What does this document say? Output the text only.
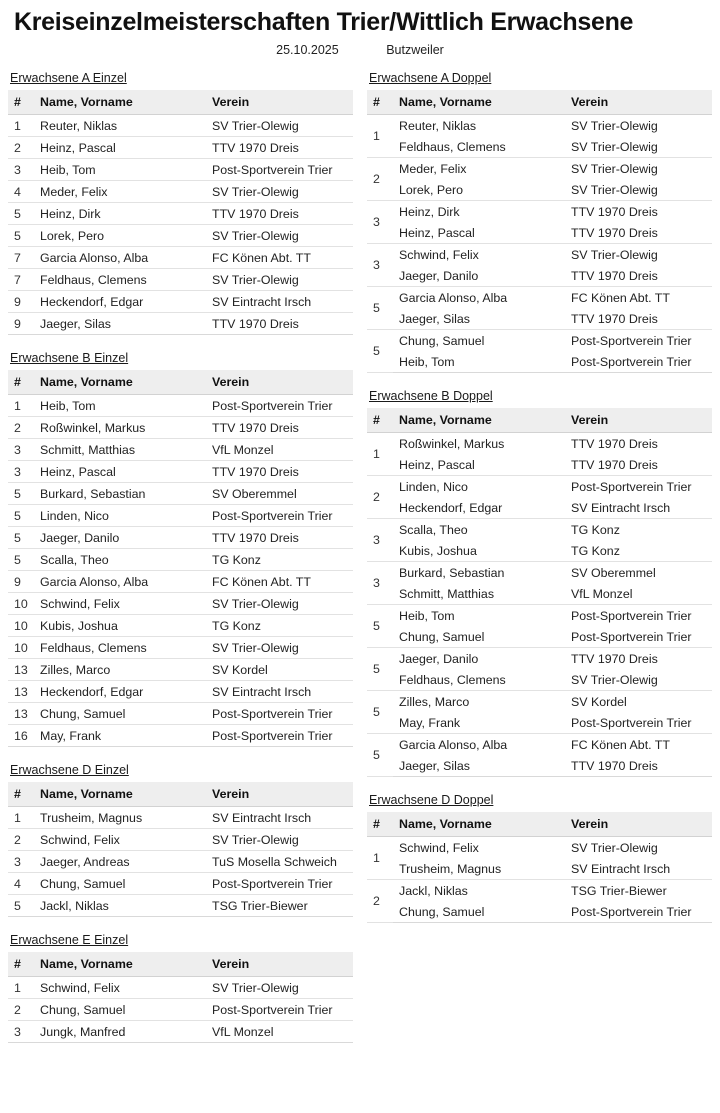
Kreiseinzelmeisterschaften Trier/Wittlich Erwachsene
25.10.2025	Butzweiler
Erwachsene A Einzel
#	Name, Vorname	Verein
1	Reuter, Niklas	SV Trier-Olewig
2	Heinz, Pascal	TTV 1970 Dreis
3	Heib, Tom	Post-Sportverein Trier
4	Meder, Felix	SV Trier-Olewig
5	Heinz, Dirk	TTV 1970 Dreis
5	Lorek, Pero	SV Trier-Olewig
7	Garcia Alonso, Alba	FC Könen Abt. TT
7	Feldhaus, Clemens	SV Trier-Olewig
9	Heckendorf, Edgar	SV Eintracht Irsch
9	Jaeger, Silas	TTV 1970 Dreis
Erwachsene B Einzel
#	Name, Vorname	Verein
1	Heib, Tom	Post-Sportverein Trier
2	Roßwinkel, Markus	TTV 1970 Dreis
3	Schmitt, Matthias	VfL Monzel
3	Heinz, Pascal	TTV 1970 Dreis
5	Burkard, Sebastian	SV Oberemmel
5	Linden, Nico	Post-Sportverein Trier
5	Jaeger, Danilo	TTV 1970 Dreis
5	Scalla, Theo	TG Konz
9	Garcia Alonso, Alba	FC Könen Abt. TT
10	Schwind, Felix	SV Trier-Olewig
10	Kubis, Joshua	TG Konz
10	Feldhaus, Clemens	SV Trier-Olewig
13	Zilles, Marco	SV Kordel
13	Heckendorf, Edgar	SV Eintracht Irsch
13	Chung, Samuel	Post-Sportverein Trier
16	May, Frank	Post-Sportverein Trier
Erwachsene D Einzel
#	Name, Vorname	Verein
1	Trusheim, Magnus	SV Eintracht Irsch
2	Schwind, Felix	SV Trier-Olewig
3	Jaeger, Andreas	TuS Mosella Schweich
4	Chung, Samuel	Post-Sportverein Trier
5	Jackl, Niklas	TSG Trier-Biewer
Erwachsene E Einzel
#	Name, Vorname	Verein
1	Schwind, Felix	SV Trier-Olewig
2	Chung, Samuel	Post-Sportverein Trier
3	Jungk, Manfred	VfL Monzel
Erwachsene A Doppel
#	Name, Vorname	Verein
1	Reuter, Niklas	SV Trier-Olewig
	Feldhaus, Clemens	SV Trier-Olewig
2	Meder, Felix	SV Trier-Olewig
	Lorek, Pero	SV Trier-Olewig
3	Heinz, Dirk	TTV 1970 Dreis
	Heinz, Pascal	TTV 1970 Dreis
3	Schwind, Felix	SV Trier-Olewig
	Jaeger, Danilo	TTV 1970 Dreis
5	Garcia Alonso, Alba	FC Könen Abt. TT
	Jaeger, Silas	TTV 1970 Dreis
5	Chung, Samuel	Post-Sportverein Trier
	Heib, Tom	Post-Sportverein Trier
Erwachsene B Doppel
#	Name, Vorname	Verein
1	Roßwinkel, Markus	TTV 1970 Dreis
	Heinz, Pascal	TTV 1970 Dreis
2	Linden, Nico	Post-Sportverein Trier
	Heckendorf, Edgar	SV Eintracht Irsch
3	Scalla, Theo	TG Konz
	Kubis, Joshua	TG Konz
3	Burkard, Sebastian	SV Oberemmel
	Schmitt, Matthias	VfL Monzel
5	Heib, Tom	Post-Sportverein Trier
	Chung, Samuel	Post-Sportverein Trier
5	Jaeger, Danilo	TTV 1970 Dreis
	Feldhaus, Clemens	SV Trier-Olewig
5	Zilles, Marco	SV Kordel
	May, Frank	Post-Sportverein Trier
5	Garcia Alonso, Alba	FC Könen Abt. TT
	Jaeger, Silas	TTV 1970 Dreis
Erwachsene D Doppel
#	Name, Vorname	Verein
1	Schwind, Felix	SV Trier-Olewig
	Trusheim, Magnus	SV Eintracht Irsch
2	Jackl, Niklas	TSG Trier-Biewer
	Chung, Samuel	Post-Sportverein Trier
